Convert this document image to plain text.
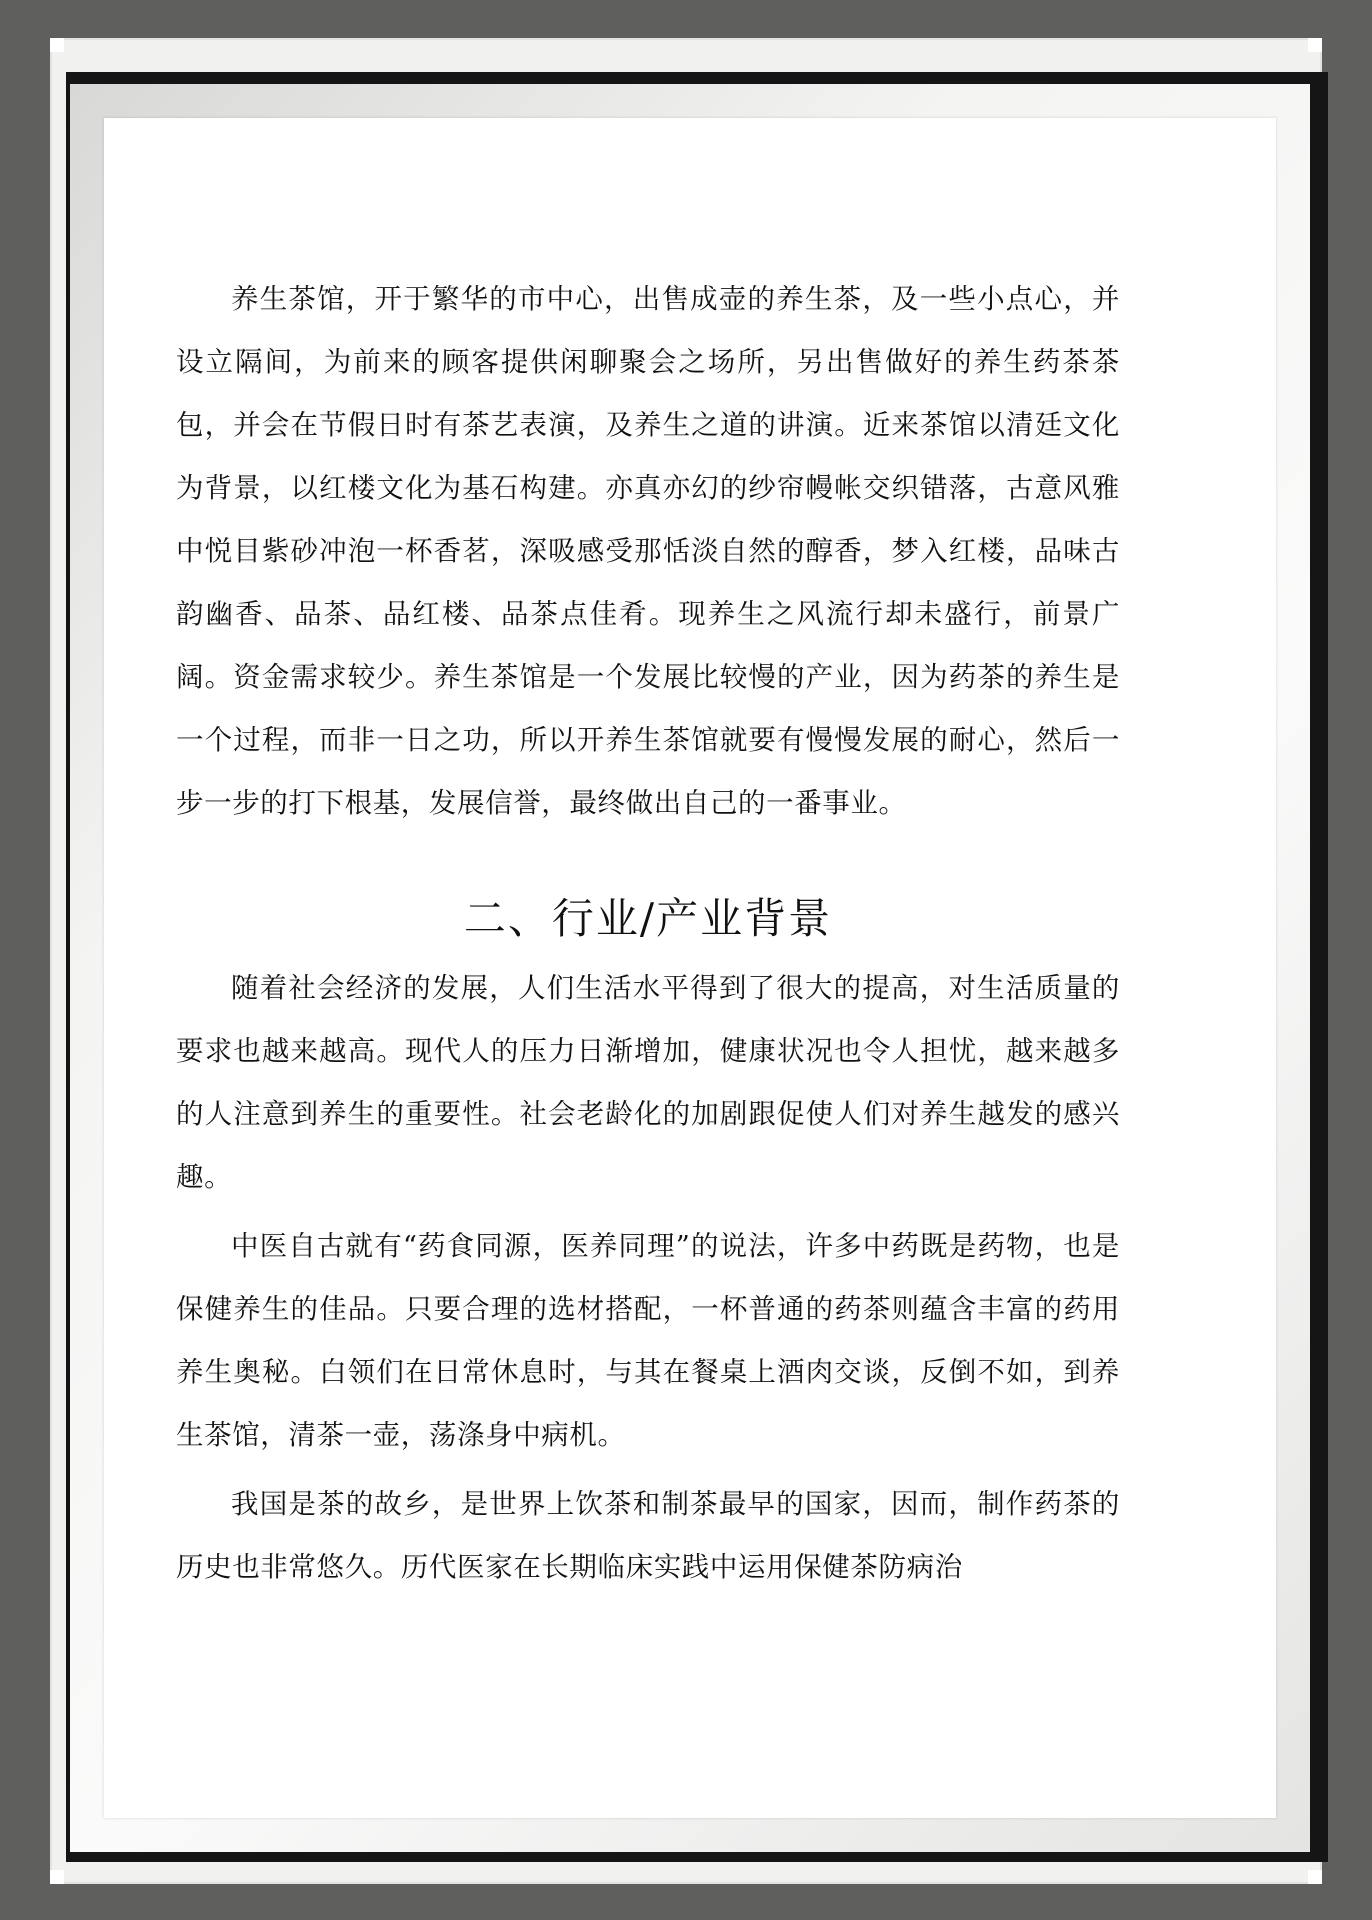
养生茶馆，开于繁华的市中心，出售成壶的养生茶，及一些小点心，并设立隔间，为前来的顾客提供闲聊聚会之场所，另出售做好的养生药茶茶包，并会在节假日时有茶艺表演，及养生之道的讲演。近来茶馆以清廷文化为背景，以红楼文化为基石构建。亦真亦幻的纱帘幔帐交织错落，古意风雅中悦目紫砂冲泡一杯香茗，深吸感受那恬淡自然的醇香，梦入红楼，品味古韵幽香、品茶、品红楼、品茶点佳肴。现养生之风流行却未盛行，前景广阔。资金需求较少。养生茶馆是一个发展比较慢的产业，因为药茶的养生是一个过程，而非一日之功，所以开养生茶馆就要有慢慢发展的耐心，然后一步一步的打下根基，发展信誉，最终做出自己的一番事业。

二、行业/产业背景

随着社会经济的发展，人们生活水平得到了很大的提高，对生活质量的要求也越来越高。现代人的压力日渐增加，健康状况也令人担忧，越来越多的人注意到养生的重要性。社会老龄化的加剧跟促使人们对养生越发的感兴趣。

中医自古就有“药食同源，医养同理”的说法，许多中药既是药物，也是保健养生的佳品。只要合理的选材搭配，一杯普通的药茶则蕴含丰富的药用养生奥秘。白领们在日常休息时，与其在餐桌上酒肉交谈，反倒不如，到养生茶馆，清茶一壶，荡涤身中病机。

我国是茶的故乡，是世界上饮茶和制茶最早的国家，因而，制作药茶的历史也非常悠久。历代医家在长期临床实践中运用保健茶防病治
